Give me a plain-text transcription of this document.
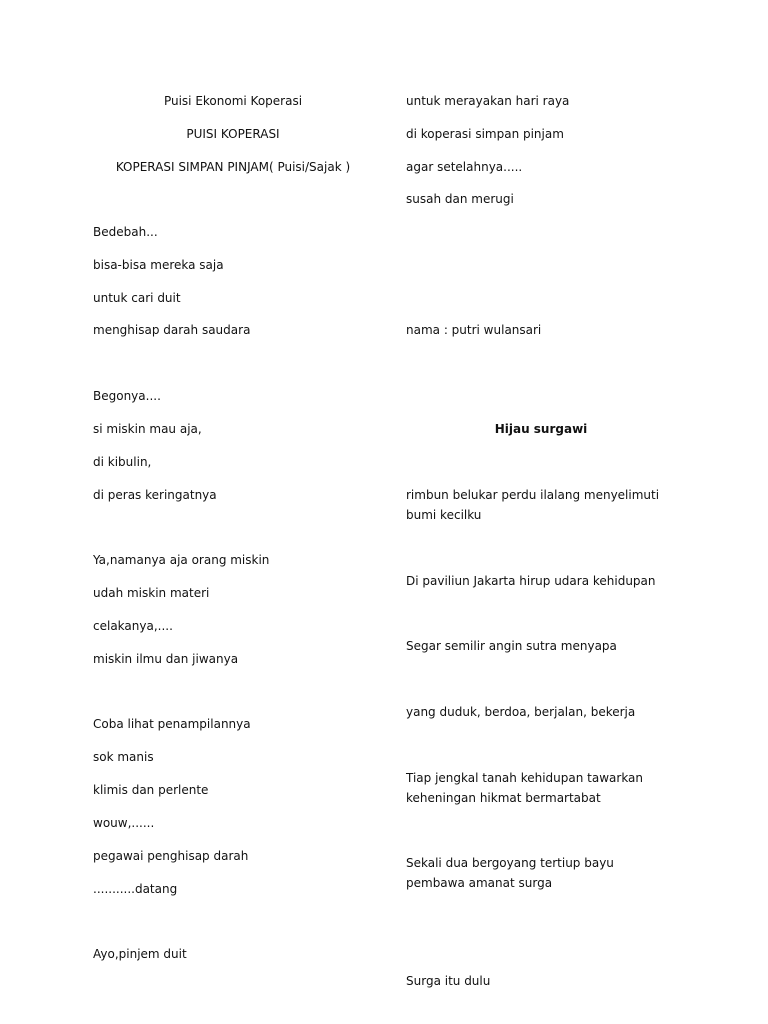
Puisi Ekonomi Koperasi
PUISI KOPERASI
KOPERASI SIMPAN PINJAM( Puisi/Sajak )
Bedebah...
bisa-bisa mereka saja
untuk cari duit
menghisap darah saudara
Begonya....
si miskin mau aja,
di kibulin,
di peras keringatnya
Ya,namanya aja orang miskin
udah miskin materi
celakanya,....
miskin ilmu dan jiwanya
Coba lihat penampilannya
sok manis
klimis dan perlente
wouw,......
pegawai penghisap darah
...........datang
Ayo,pinjem duit
untuk merayakan hari raya
di koperasi simpan pinjam
agar setelahnya.....
susah dan merugi
nama : putri wulansari
Hijau surgawi
rimbun belukar perdu ilalang menyelimuti bumi kecilku
Di paviliun Jakarta hirup udara kehidupan
Segar semilir angin sutra menyapa
yang duduk, berdoa, berjalan, bekerja
Tiap jengkal tanah kehidupan tawarkan keheningan hikmat bermartabat
Sekali dua bergoyang tertiup bayu pembawa amanat surga
Surga itu dulu
